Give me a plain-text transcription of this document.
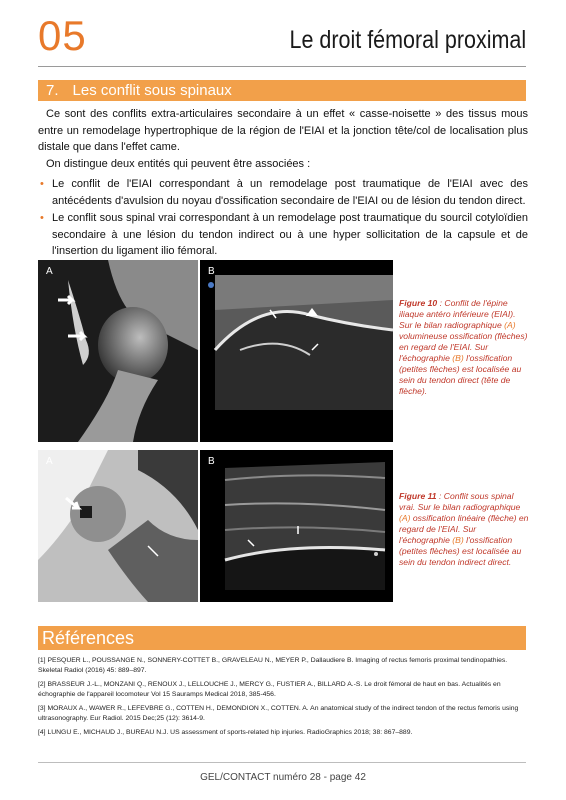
05	Le droit fémoral proximal
7. Les conflit sous spinaux

Ce sont des conflits extra-articulaires secondaire à un effet « casse-noisette » des tissus mous entre un remodelage hypertrophique de la région de l'EIAI et la jonction tête/col de localisation plus distale que dans l'effet came.

On distingue deux entités qui peuvent être associées :

• Le conflit de l'EIAI correspondant à un remodelage post traumatique de l'EIAI avec des antécédents d'avulsion du noyau d'ossification secondaire de l'EIAI ou de lésion du tendon direct.
• Le conflit sous spinal vrai correspondant à un remodelage post traumatique du sourcil cotyloïdien secondaire à une lésion du tendon indirect ou à une hyper sollicitation de la capsule et de l'insertion du ligament ilio fémoral.
A	B

Figure 10 : Conflit de l'épine iliaque antéro inférieure (EIAI). Sur le bilan radiographique (A) volumineuse ossification (flèches) en regard de l'EIAI. Sur l'échographie (B) l'ossification (petites flèches) est localisée au sein du tendon direct (tête de flèche).

A	B

Figure 11 : Conflit sous spinal vrai. Sur le bilan radiographique (A) ossification linéaire (flèche) en regard de l'EIAI. Sur l'échographie (B) l'ossification (petites flèches) est localisée au sein du tendon indirect direct.

Références

[1] PESQUER L., POUSSANGE N., SONNERY-COTTET B., GRAVELEAU N., MEYER P., Dallaudiere B. Imaging of rectus femoris proximal tendinopathies. Skeletal Radiol (2016) 45: 889–897.

[2] BRASSEUR J.-L., MONZANI Q., RENOUX J., LELLOUCHE J., MERCY G., FUSTIER A., BILLARD A.-S. Le droit fémoral de haut en bas. Actualités en échographie de l'appareil locomoteur Vol 15 Sauramps Medical 2018, 385-456.

[3] MORAUX A., WAWER R., LEFEVBRE G., COTTEN H., DEMONDION X., COTTEN. A. An anatomical study of the indirect tendon of the rectus femoris using ultrasonography. Eur Radiol. 2015 Dec;25 (12): 3614-9.

[4] LUNGU E., MICHAUD J., BUREAU N.J. US assessment of sports-related hip injuries. RadioGraphics 2018; 38: 867–889.

GEL/CONTACT numéro 28 - page 42
